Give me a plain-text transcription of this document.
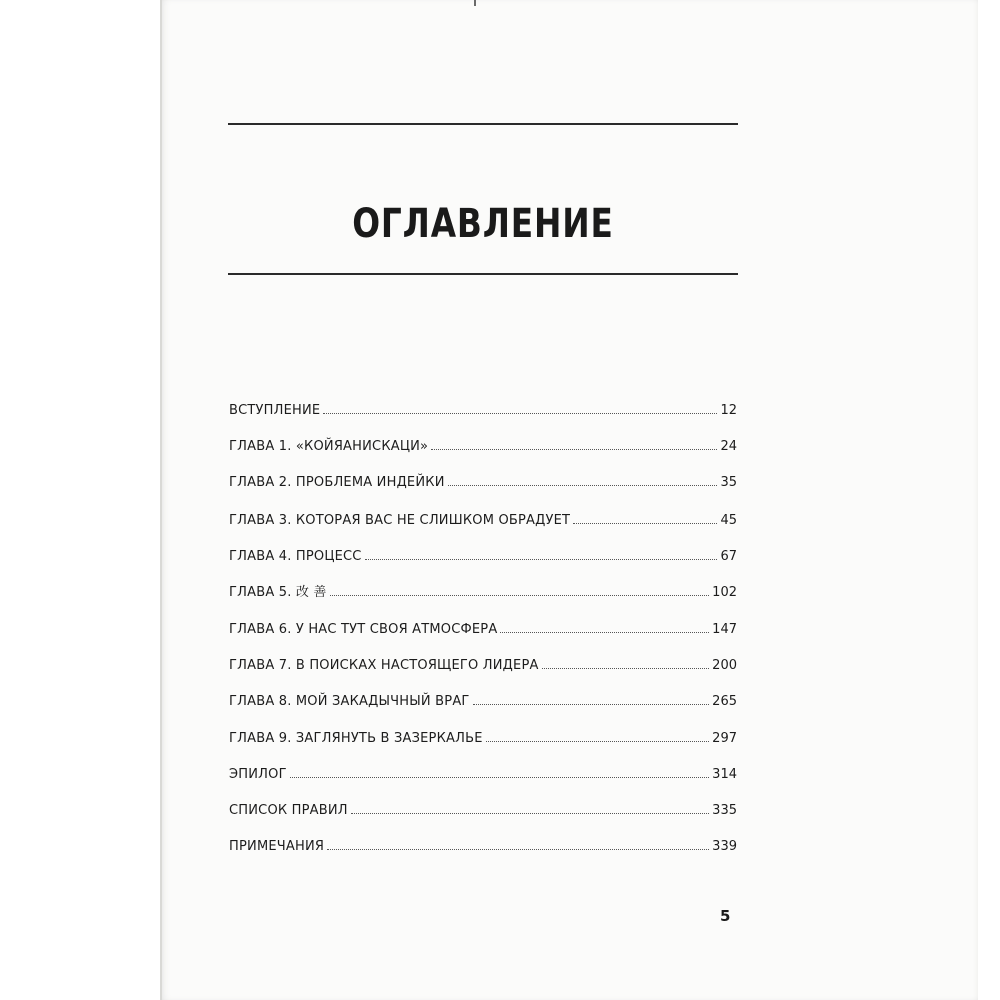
ОГЛАВЛЕНИЕ
ВСТУПЛЕНИЕ	12
ГЛАВА 1. «КОЙЯАНИСКАЦИ»	24
ГЛАВА 2. ПРОБЛЕМА ИНДЕЙКИ	35
ГЛАВА 3. КОТОРАЯ ВАС НЕ СЛИШКОМ ОБРАДУЕТ	45
ГЛАВА 4. ПРОЦЕСС	67
ГЛАВА 5. 改 善	102
ГЛАВА 6. У НАС ТУТ СВОЯ АТМОСФЕРА	147
ГЛАВА 7. В ПОИСКАХ НАСТОЯЩЕГО ЛИДЕРА	200
ГЛАВА 8. МОЙ ЗАКАДЫЧНЫЙ ВРАГ	265
ГЛАВА 9. ЗАГЛЯНУТЬ В ЗАЗЕРКАЛЬЕ	297
ЭПИЛОГ	314
СПИСОК ПРАВИЛ	335
ПРИМЕЧАНИЯ	339
5
